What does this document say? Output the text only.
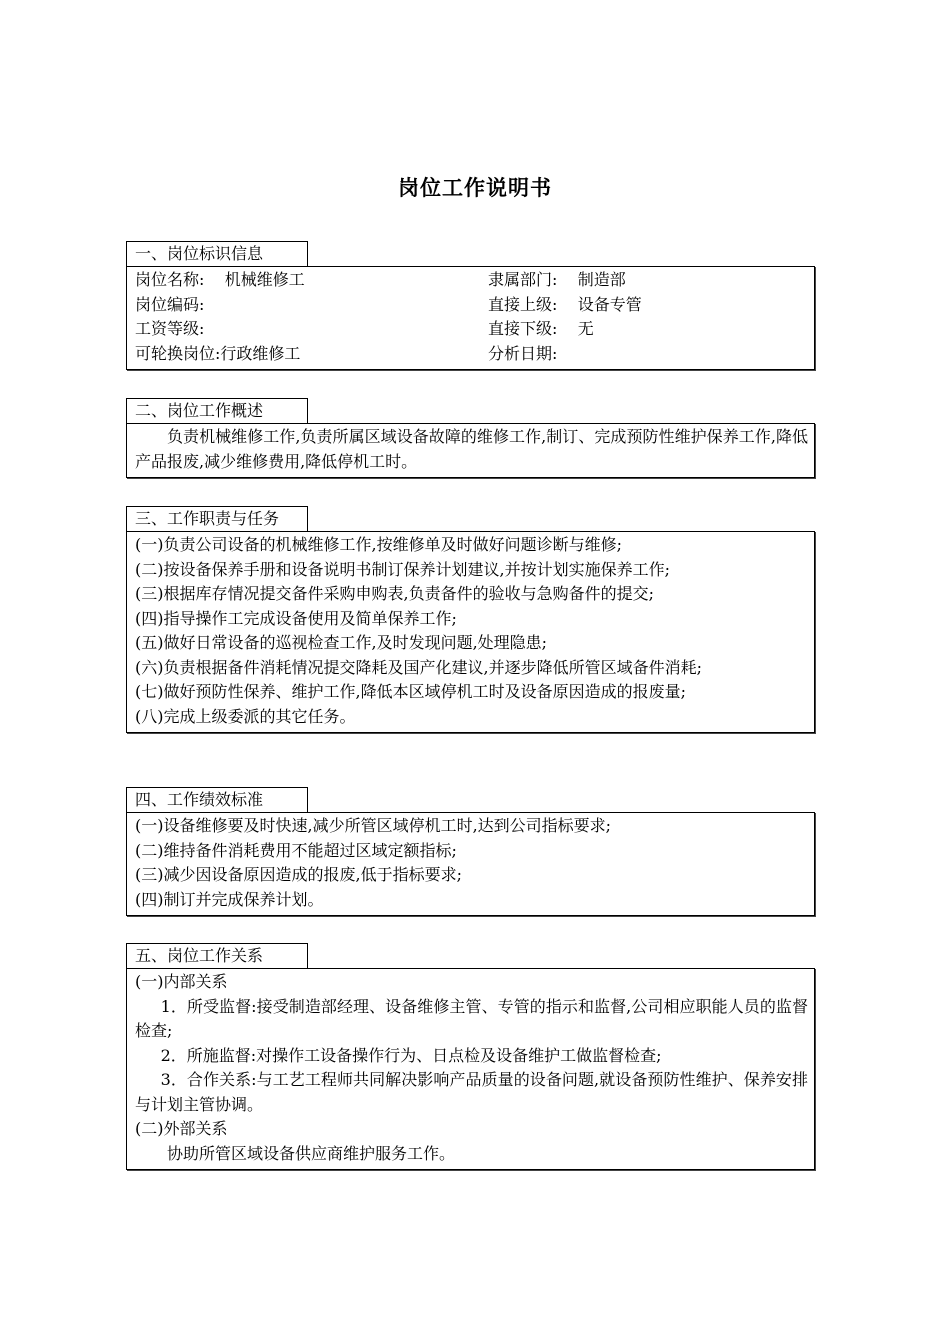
岗位工作说明书
一、岗位标识信息
岗位名称:    机械维修工	隶属部门:    制造部
岗位编码:	直接上级:    设备专管
工资等级:	直接下级:    无
可轮换岗位:行政维修工	分析日期:
二、岗位工作概述
负责机械维修工作,负责所属区域设备故障的维修工作,制订、完成预防性维护保养工作,降低产品报废,减少维修费用,降低停机工时。
三、工作职责与任务
(一)负责公司设备的机械维修工作,按维修单及时做好问题诊断与维修;
(二)按设备保养手册和设备说明书制订保养计划建议,并按计划实施保养工作;
(三)根据库存情况提交备件采购申购表,负责备件的验收与急购备件的提交;
(四)指导操作工完成设备使用及简单保养工作;
(五)做好日常设备的巡视检查工作,及时发现问题,处理隐患;
(六)负责根据备件消耗情况提交降耗及国产化建议,并逐步降低所管区域备件消耗;
(七)做好预防性保养、维护工作,降低本区域停机工时及设备原因造成的报废量;
(八)完成上级委派的其它任务。
四、工作绩效标准
(一)设备维修要及时快速,减少所管区域停机工时,达到公司指标要求;
(二)维持备件消耗费用不能超过区域定额指标;
(三)减少因设备原因造成的报废,低于指标要求;
(四)制订并完成保养计划。
五、岗位工作关系
(一)内部关系
1．所受监督:接受制造部经理、设备维修主管、专管的指示和监督,公司相应职能人员的监督检查;
2．所施监督:对操作工设备操作行为、日点检及设备维护工做监督检查;
3．合作关系:与工艺工程师共同解决影响产品质量的设备问题,就设备预防性维护、保养安排与计划主管协调。
(二)外部关系
协助所管区域设备供应商维护服务工作。
